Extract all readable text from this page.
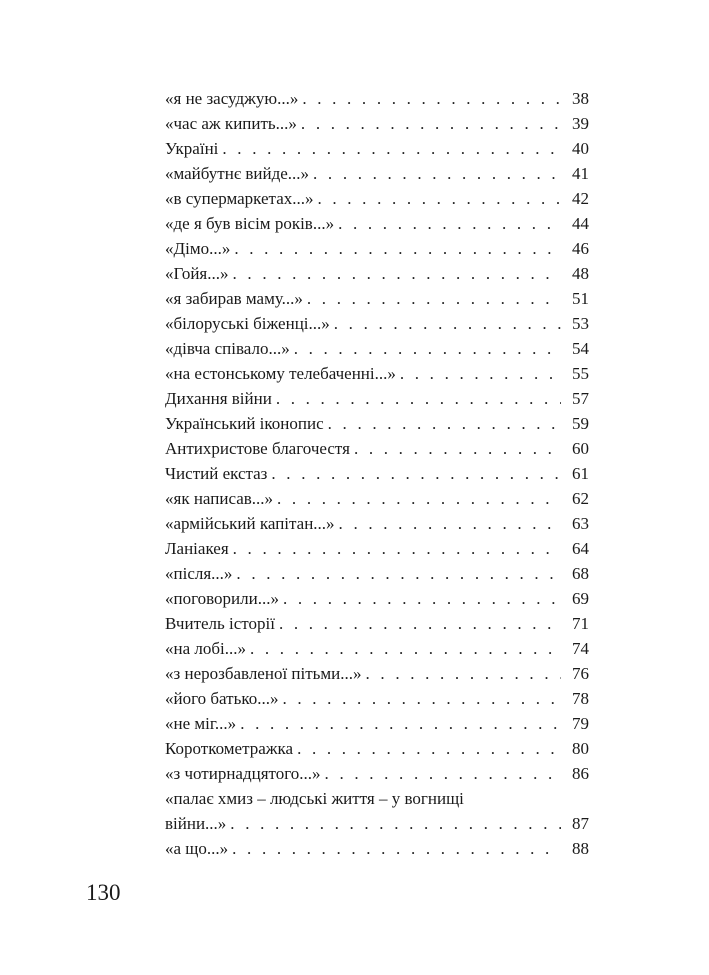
«я не засуджую...» . . .	38
«час аж кипить...» . . .	39
Україні . . .	40
«майбутнє вийде...» . . .	41
«в супермаркетах...» . . .	42
«де я був вісім років...» . . .	44
«Дімо...» . . .	46
«Гойя...» . . .	48
«я забирав маму...» . . .	51
«білоруські біженці...» . . .	53
«дівча співало...» . . .	54
«на естонському телебаченні...» . . .	55
Дихання війни . . .	57
Український іконопис . . .	59
Антихристове благочестя . . .	60
Чистий екстаз . . .	61
«як написав...» . . .	62
«армійський капітан...» . . .	63
Ланіакея . . .	64
«після...» . . .	68
«поговорили...» . . .	69
Вчитель історії . . .	71
«на лобі...» . . .	74
«з нерозбавленої пітьми...» . . .	76
«його батько...» . . .	78
«не міг...» . . .	79
Короткометражка . . .	80
«з чотирнадцятого...» . . .	86
«палає хмиз – людські життя – у вогнищі
війни...» . . .	87
«а що...» . . .	88
130
